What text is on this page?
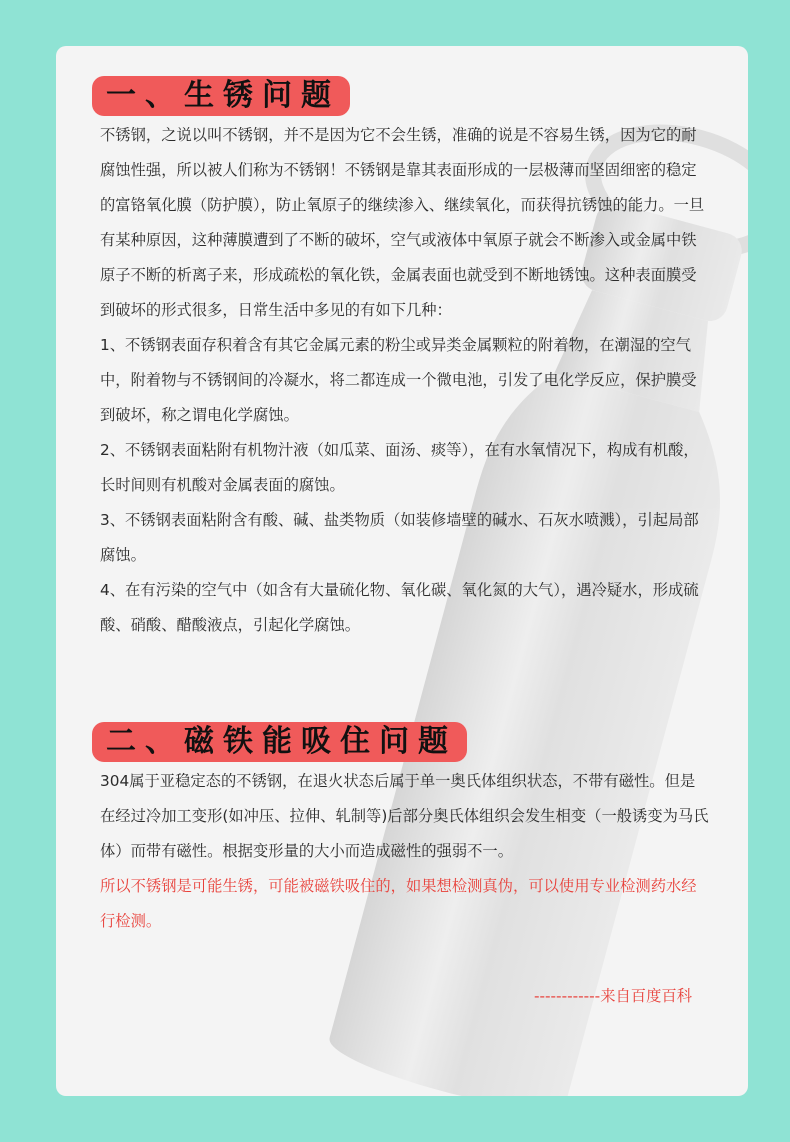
一、生锈问题

不锈钢，之说以叫不锈钢，并不是因为它不会生锈，准确的说是不容易生锈，因为它的耐腐蚀性强，所以被人们称为不锈钢！不锈钢是靠其表面形成的一层极薄而坚固细密的稳定的富铬氧化膜（防护膜），防止氧原子的继续渗入、继续氧化，而获得抗锈蚀的能力。一旦有某种原因，这种薄膜遭到了不断的破坏，空气或液体中氧原子就会不断渗入或金属中铁原子不断的析离子来，形成疏松的氧化铁，金属表面也就受到不断地锈蚀。这种表面膜受到破坏的形式很多，日常生活中多见的有如下几种：

1、不锈钢表面存积着含有其它金属元素的粉尘或异类金属颗粒的附着物，在潮湿的空气中，附着物与不锈钢间的冷凝水，将二都连成一个微电池，引发了电化学反应，保护膜受到破坏，称之谓电化学腐蚀。

2、不锈钢表面粘附有机物汁液（如瓜菜、面汤、痰等），在有水氧情况下，构成有机酸，长时间则有机酸对金属表面的腐蚀。

3、不锈钢表面粘附含有酸、碱、盐类物质（如装修墙壁的碱水、石灰水喷溅），引起局部腐蚀。

4、在有污染的空气中（如含有大量硫化物、氧化碳、氧化氮的大气），遇冷疑水，形成硫酸、硝酸、醋酸液点，引起化学腐蚀。

二、磁铁能吸住问题

304属于亚稳定态的不锈钢，在退火状态后属于单一奥氏体组织状态，不带有磁性。但是在经过冷加工变形(如冲压、拉伸、轧制等)后部分奥氏体组织会发生相变（一般诱变为马氏体）而带有磁性。根据变形量的大小而造成磁性的强弱不一。

所以不锈钢是可能生锈，可能被磁铁吸住的，如果想检测真伪，可以使用专业检测药水经行检测。

------------来自百度百科
